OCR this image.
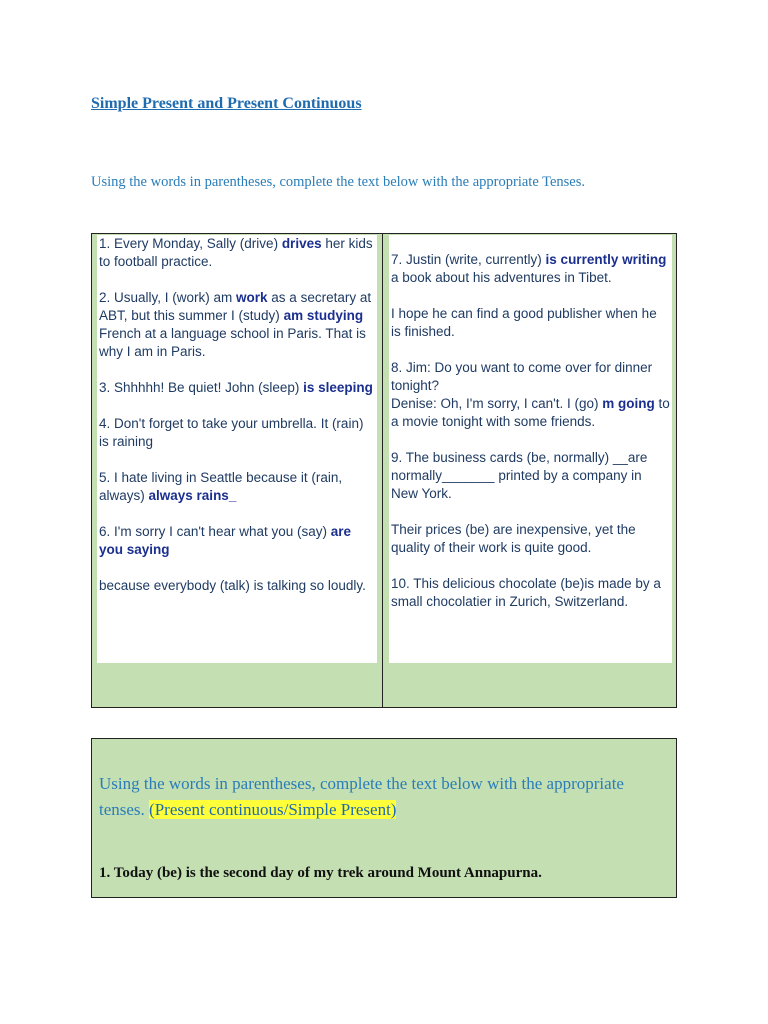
Simple Present and Present Continuous

Using the words in parentheses, complete the text below with the appropriate Tenses.

1. Every Monday, Sally (drive) drives her kids to football practice.

2. Usually, I (work) am work as a secretary at ABT, but this summer I (study) am studying French at a language school in Paris. That is why I am in Paris.

3. Shhhhh! Be quiet! John (sleep) is sleeping

4. Don't forget to take your umbrella. It (rain) is raining

5. I hate living in Seattle because it (rain, always) always rains_

6. I'm sorry I can't hear what you (say) are you saying

because everybody (talk) is talking so loudly.

7. Justin (write, currently) is currently writing a book about his adventures in Tibet.

I hope he can find a good publisher when he is finished.

8. Jim: Do you want to come over for dinner tonight?
Denise: Oh, I'm sorry, I can't. I (go) m going to a movie tonight with some friends.

9. The business cards (be, normally) __are normally_______ printed by a company in New York.

Their prices (be) are inexpensive, yet the quality of their work is quite good.

10. This delicious chocolate (be)is made by a small chocolatier in Zurich, Switzerland.

Using the words in parentheses, complete the text below with the appropriate tenses. (Present continuous/Simple Present)

1. Today (be) is the second day of my trek around Mount Annapurna.
